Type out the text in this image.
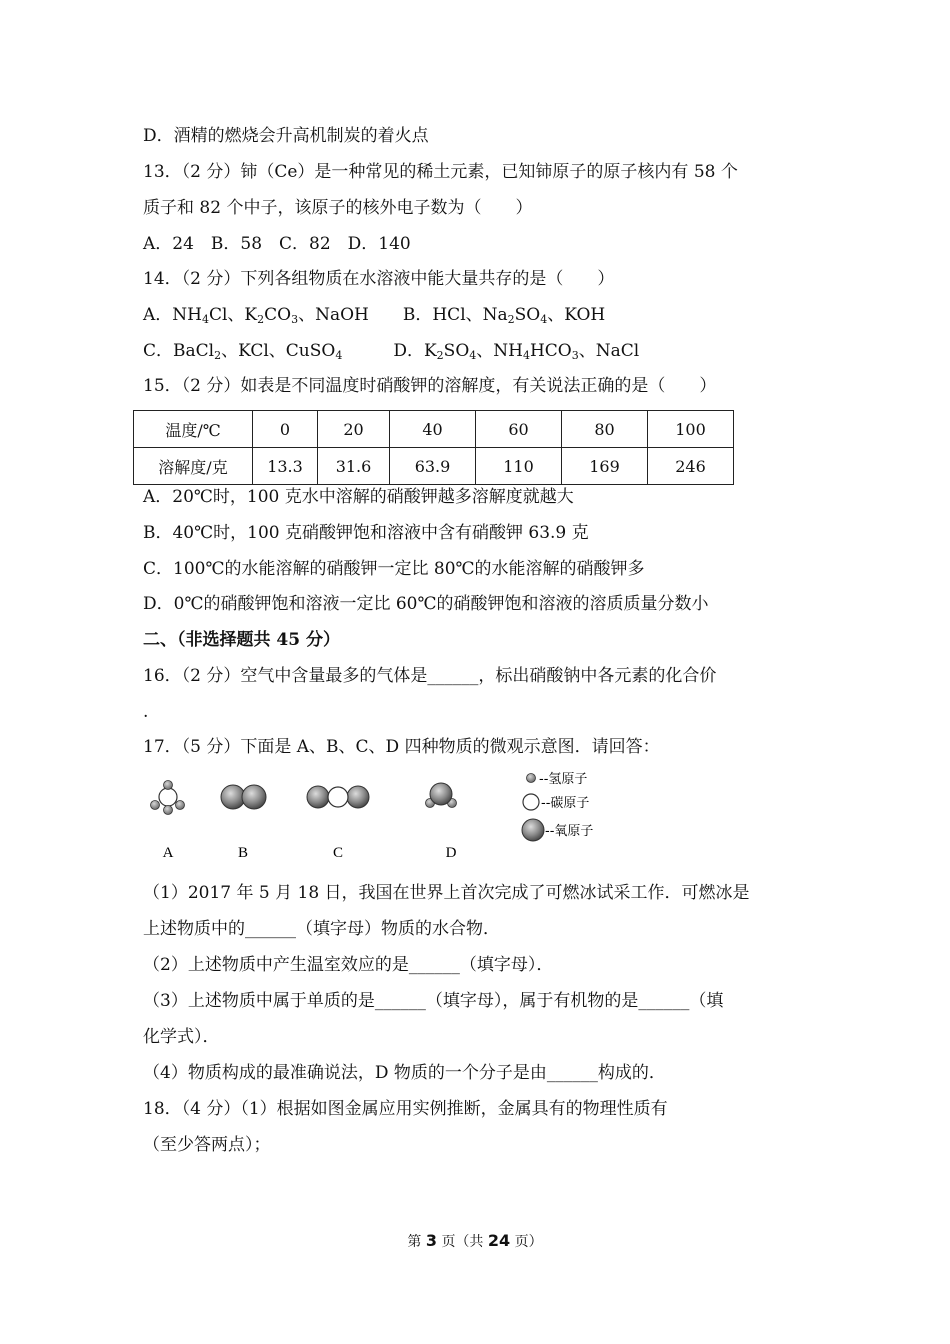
D．酒精的燃烧会升高机制炭的着火点
13．（2 分）铈（Ce）是一种常见的稀土元素，已知铈原子的原子核内有 58 个
质子和 82 个中子，该原子的核外电子数为（　　）
A．24　B．58　C．82　D．140
14．（2 分）下列各组物质在水溶液中能大量共存的是（　　）
A．$NH_4Cl$、$K_2CO_3$、NaOH　　B．HCl、$Na_2SO_4$、KOH
C．BaCl$_2$、KCl、CuSO$_4$　　　D．$K_2SO_4$、$NH_4HCO_3$、NaCl
15．（2 分）如表是不同温度时硝酸钾的溶解度，有关说法正确的是（　　）
温度/℃	0	20	40	60	80	100
溶解度/克	13.3	31.6	63.9	110	169	246
A．20℃时，100 克水中溶解的硝酸钾越多溶解度就越大
B．40℃时，100 克硝酸钾饱和溶液中含有硝酸钾 63.9 克
C．100℃的水能溶解的硝酸钾一定比 80℃的水能溶解的硝酸钾多
D．0℃的硝酸钾饱和溶液一定比 60℃的硝酸钾饱和溶液的溶质质量分数小
二、（非选择题共 45 分）
16．（2 分）空气中含量最多的气体是______，标出硝酸钠中各元素的化合价
.
17．（5 分）下面是 A、B、C、D 四种物质的微观示意图．请回答：
A	B	C	D
--氢原子
--碳原子
--氧原子
（1）2017 年 5 月 18 日，我国在世界上首次完成了可燃冰试采工作．可燃冰是
上述物质中的______（填字母）物质的水合物．
（2）上述物质中产生温室效应的是______（填字母）．
（3）上述物质中属于单质的是______（填字母），属于有机物的是______（填
化学式）．
（4）物质构成的最准确说法，D 物质的一个分子是由______构成的．
18．（4 分）（1）根据如图金属应用实例推断，金属具有的物理性质有
（至少答两点）；
第 3 页（共 24 页）
